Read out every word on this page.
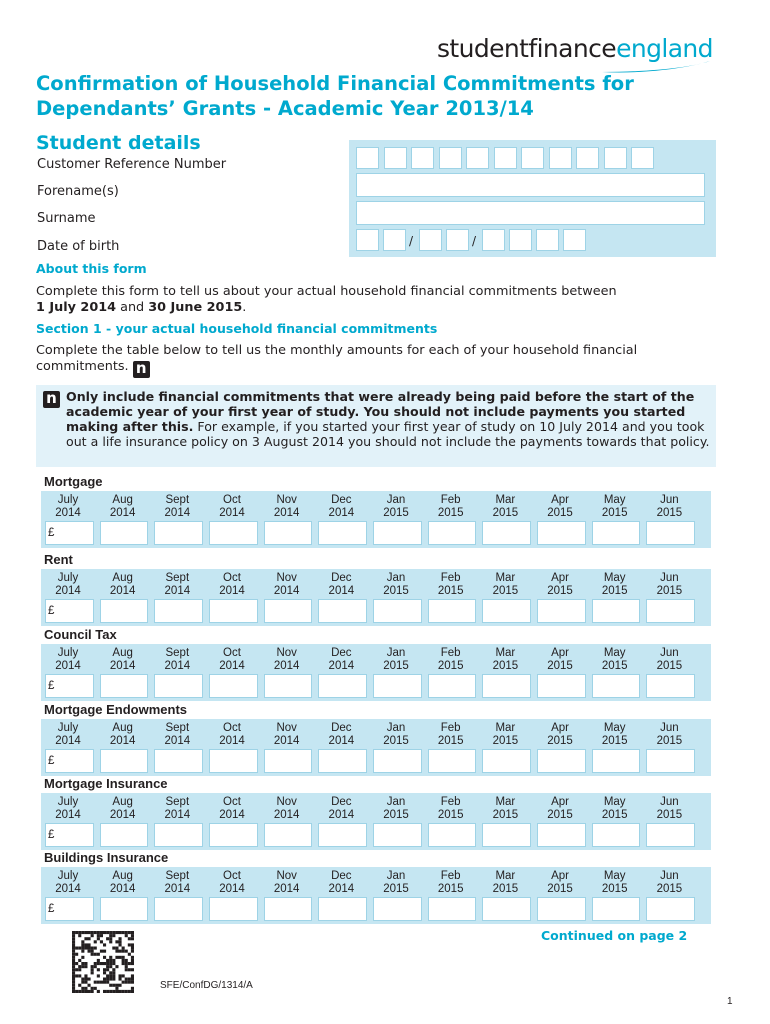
studentfinanceengland
Confirmation of Household Financial Commitments for
Dependants’ Grants - Academic Year 2013/14
Student details
Customer Reference Number
Forename(s)
Surname
Date of birth	/	/
About this form
Complete this form to tell us about your actual household financial commitments between
1 July 2014 and 30 June 2015.
Section 1 - your actual household financial commitments
Complete the table below to tell us the monthly amounts for each of your household financial commitments. n
n Only include financial commitments that were already being paid before the start of the academic year of your first year of study. You should not include payments you started making after this. For example, if you started your first year of study on 10 July 2014 and you took out a life insurance policy on 3 August 2014 you should not include the payments towards that policy.
Mortgage
July
2014
Aug
2014
Sept
2014
Oct
2014
Nov
2014
Dec
2014
Jan
2015
Feb
2015
Mar
2015
Apr
2015
May
2015
Jun
2015
£
Rent
July
2014
Aug
2014
Sept
2014
Oct
2014
Nov
2014
Dec
2014
Jan
2015
Feb
2015
Mar
2015
Apr
2015
May
2015
Jun
2015
£
Council Tax
July
2014
Aug
2014
Sept
2014
Oct
2014
Nov
2014
Dec
2014
Jan
2015
Feb
2015
Mar
2015
Apr
2015
May
2015
Jun
2015
£
Mortgage Endowments
July
2014
Aug
2014
Sept
2014
Oct
2014
Nov
2014
Dec
2014
Jan
2015
Feb
2015
Mar
2015
Apr
2015
May
2015
Jun
2015
£
Mortgage Insurance
July
2014
Aug
2014
Sept
2014
Oct
2014
Nov
2014
Dec
2014
Jan
2015
Feb
2015
Mar
2015
Apr
2015
May
2015
Jun
2015
£
Buildings Insurance
July
2014
Aug
2014
Sept
2014
Oct
2014
Nov
2014
Dec
2014
Jan
2015
Feb
2015
Mar
2015
Apr
2015
May
2015
Jun
2015
£
Continued on page 2
SFE/ConfDG/1314/A
1
